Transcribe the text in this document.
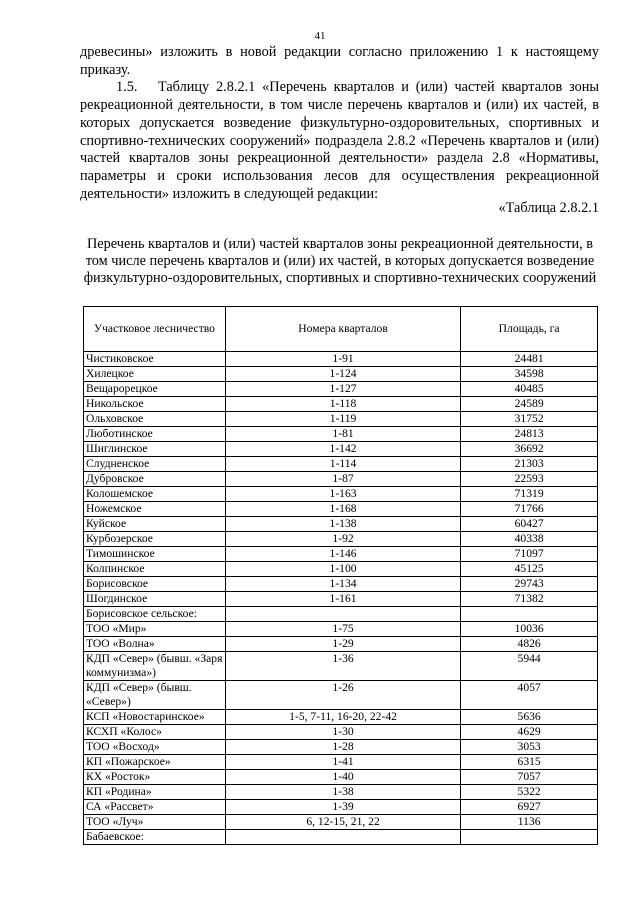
41

древесины» изложить в новой редакции согласно приложению 1 к настоящему приказу.

1.5.   Таблицу 2.8.2.1 «Перечень кварталов и (или) частей кварталов зоны рекреационной деятельности, в том числе перечень кварталов и (или) их частей, в которых допускается возведение физкультурно-оздоровительных, спортивных и спортивно-технических сооружений» подраздела 2.8.2 «Перечень кварталов и (или) частей кварталов зоны рекреационной деятельности» раздела 2.8 «Нормативы, параметры и сроки использования лесов для осуществления рекреационной деятельности» изложить в следующей редакции:

«Таблица 2.8.2.1
Перечень кварталов и (или) частей кварталов зоны рекреационной деятельности, в том числе перечень кварталов и (или) их частей, в которых допускается возведение физкультурно-оздоровительных, спортивных и спортивно-технических сооружений
Участковое лесничество	Номера кварталов	Площадь, га
Чистиковское	1-91	24481
Хилецкое	1-124	34598
Вещарорецкое	1-127	40485
Никольское	1-118	24589
Ольховское	1-119	31752
Люботинское	1-81	24813
Шиглинское	1-142	36692
Слудненское	1-114	21303
Дубровское	1-87	22593
Колошемское	1-163	71319
Ножемское	1-168	71766
Куйское	1-138	60427
Курбозерское	1-92	40338
Тимошинское	1-146	71097
Колпинское	1-100	45125
Борисовское	1-134	29743
Шогдинское	1-161	71382
Борисовское сельское:		
ТОО «Мир»	1-75	10036
ТОО «Волна»	1-29	4826
КДП «Север» (бывш. «Заря коммунизма»)	1-36	5944
КДП «Север» (бывш. «Север»)	1-26	4057
КСП «Новостаринское»	1-5, 7-11, 16-20, 22-42	5636
КСХП «Колос»	1-30	4629
ТОО «Восход»	1-28	3053
КП «Пожарское»	1-41	6315
КХ «Росток»	1-40	7057
КП «Родина»	1-38	5322
СА «Рассвет»	1-39	6927
ТОО «Луч»	6, 12-15, 21, 22	1136
Бабаевское:		
